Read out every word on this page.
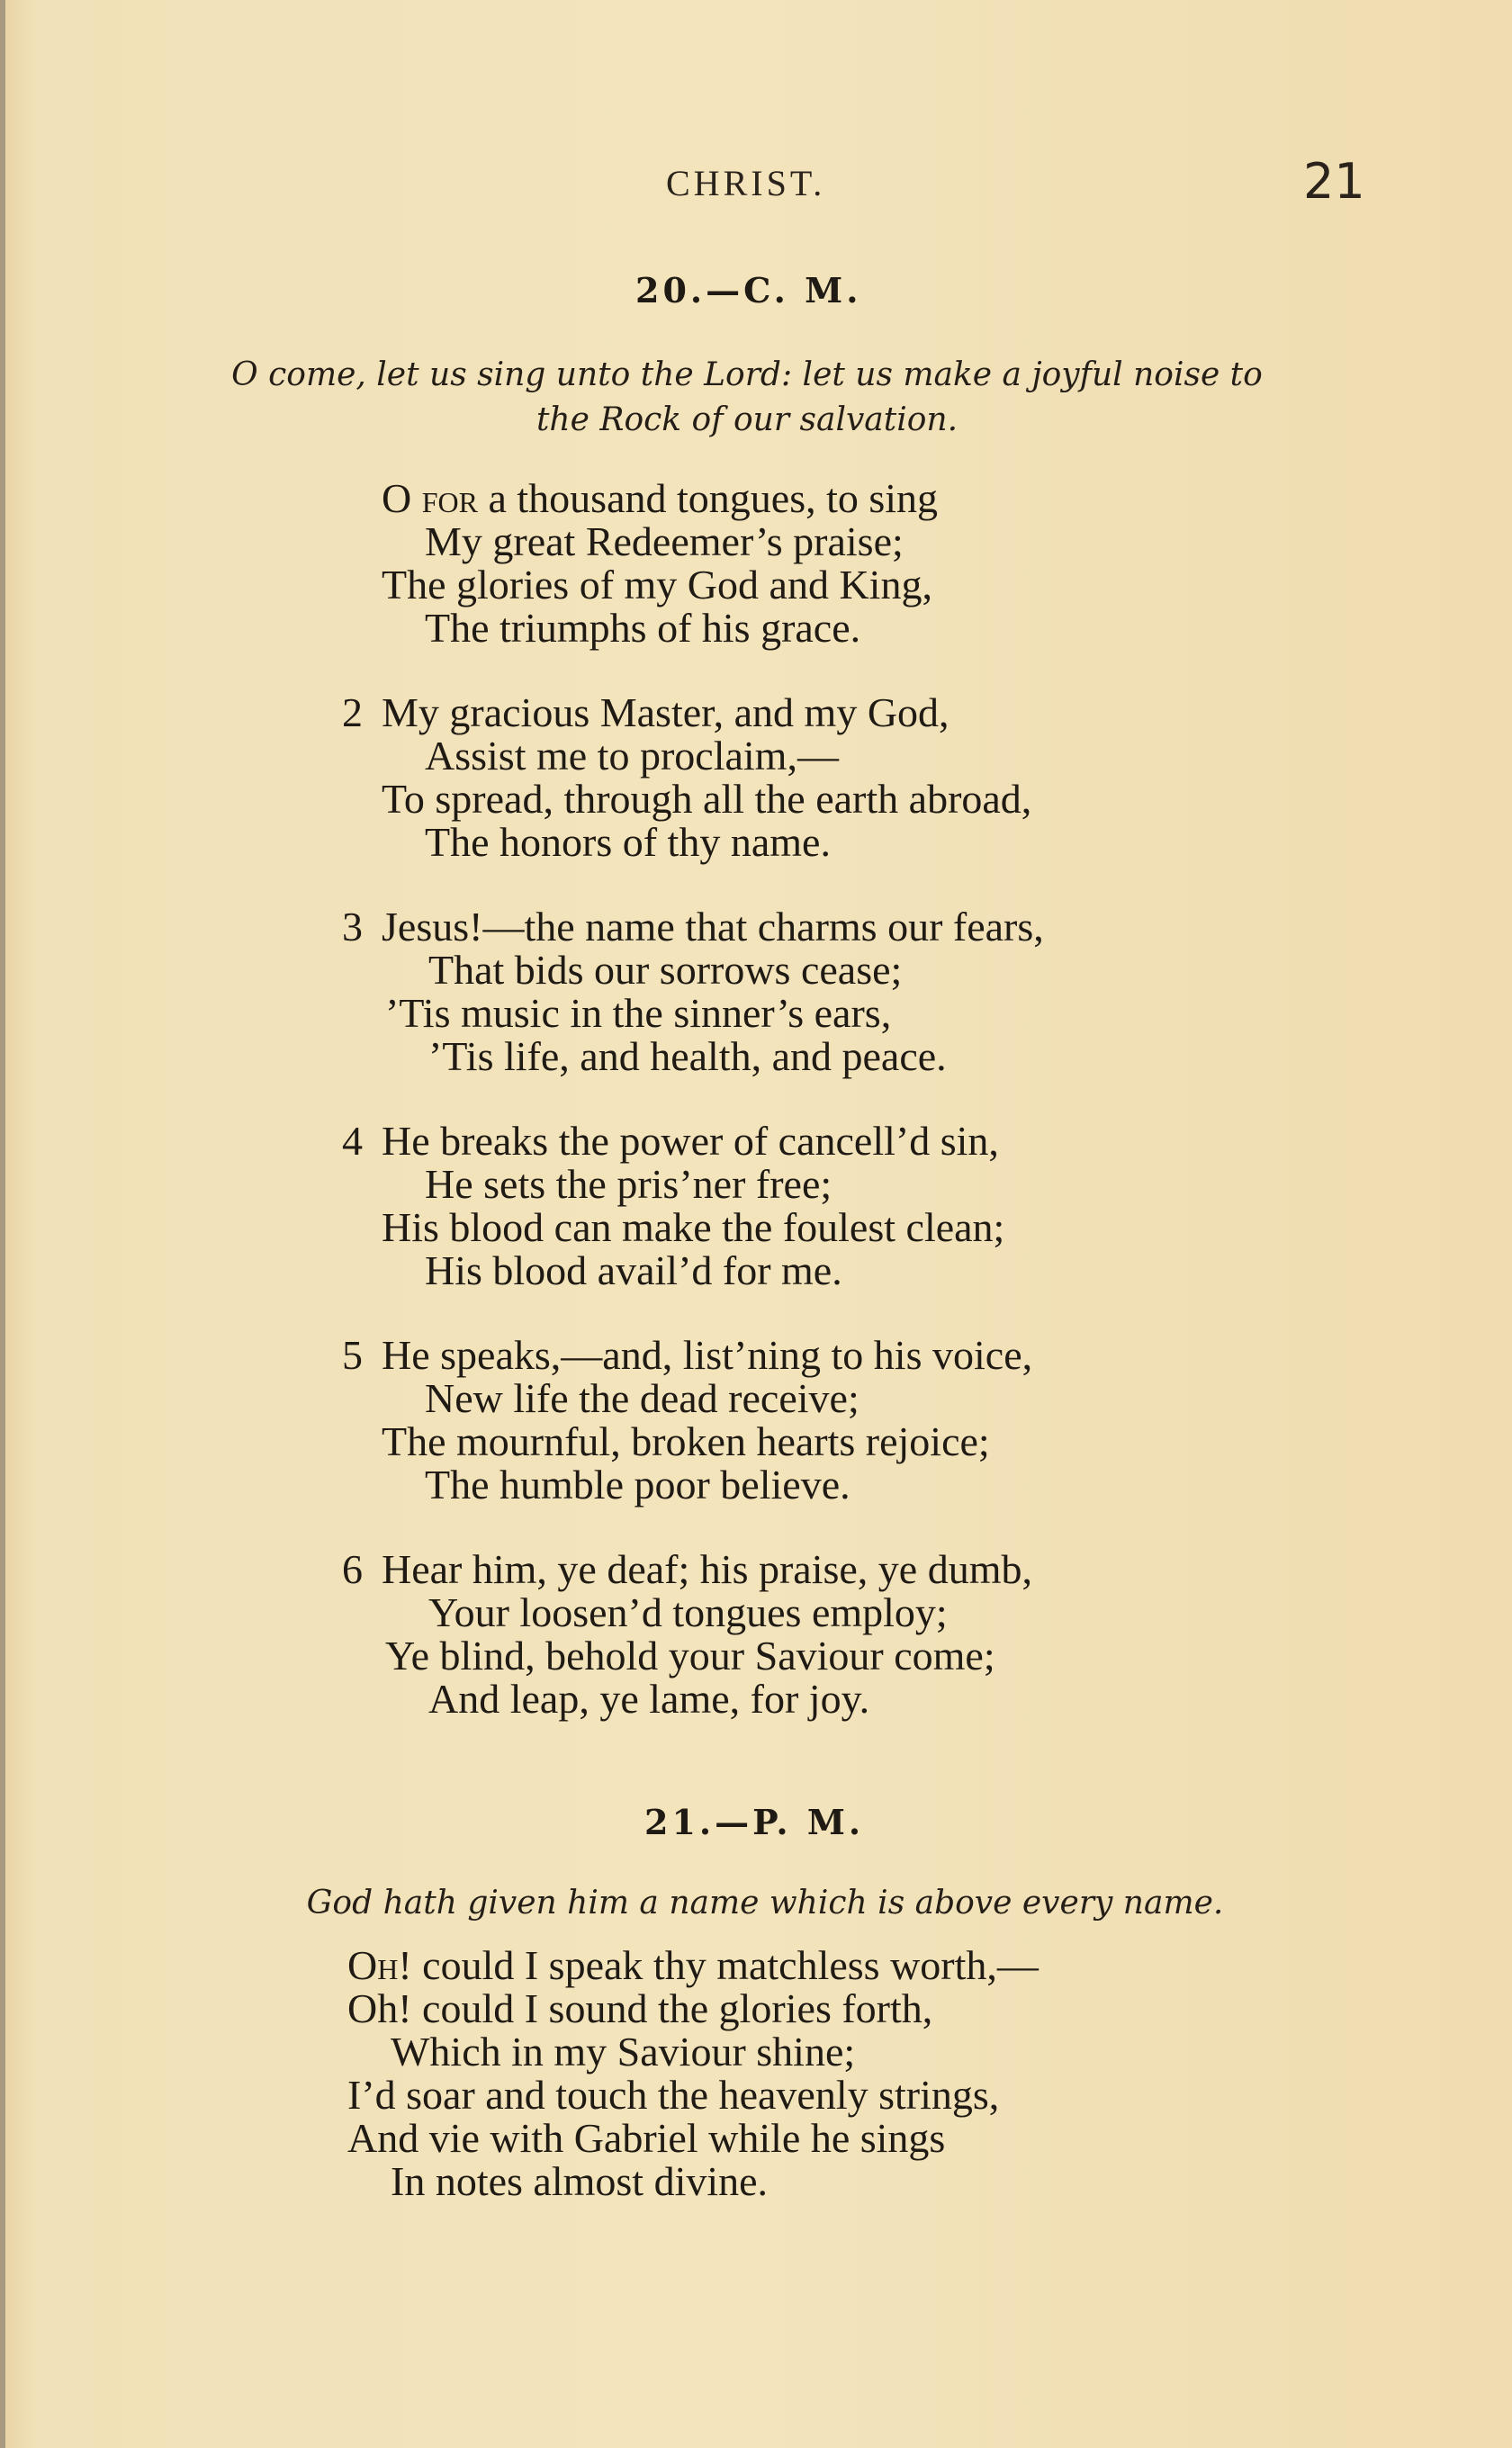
CHRIST.	21
20.—C. M.
O come, let us sing unto the Lord: let us make a joyful noise to
the Rock of our salvation.
O for a thousand tongues, to sing
My great Redeemer’s praise;
The glories of my God and King,
The triumphs of his grace.
2 My gracious Master, and my God,
Assist me to proclaim,—
To spread, through all the earth abroad,
The honors of thy name.
3 Jesus!—the name that charms our fears,
That bids our sorrows cease;
’Tis music in the sinner’s ears,
’Tis life, and health, and peace.
4 He breaks the power of cancell’d sin,
He sets the pris’ner free;
His blood can make the foulest clean;
His blood avail’d for me.
5 He speaks,—and, list’ning to his voice,
New life the dead receive;
The mournful, broken hearts rejoice;
The humble poor believe.
6 Hear him, ye deaf; his praise, ye dumb,
Your loosen’d tongues employ;
Ye blind, behold your Saviour come;
And leap, ye lame, for joy.
21.—P. M.
God hath given him a name which is above every name.
Oh! could I speak thy matchless worth,—
Oh! could I sound the glories forth,
Which in my Saviour shine;
I’d soar and touch the heavenly strings,
And vie with Gabriel while he sings
In notes almost divine.
